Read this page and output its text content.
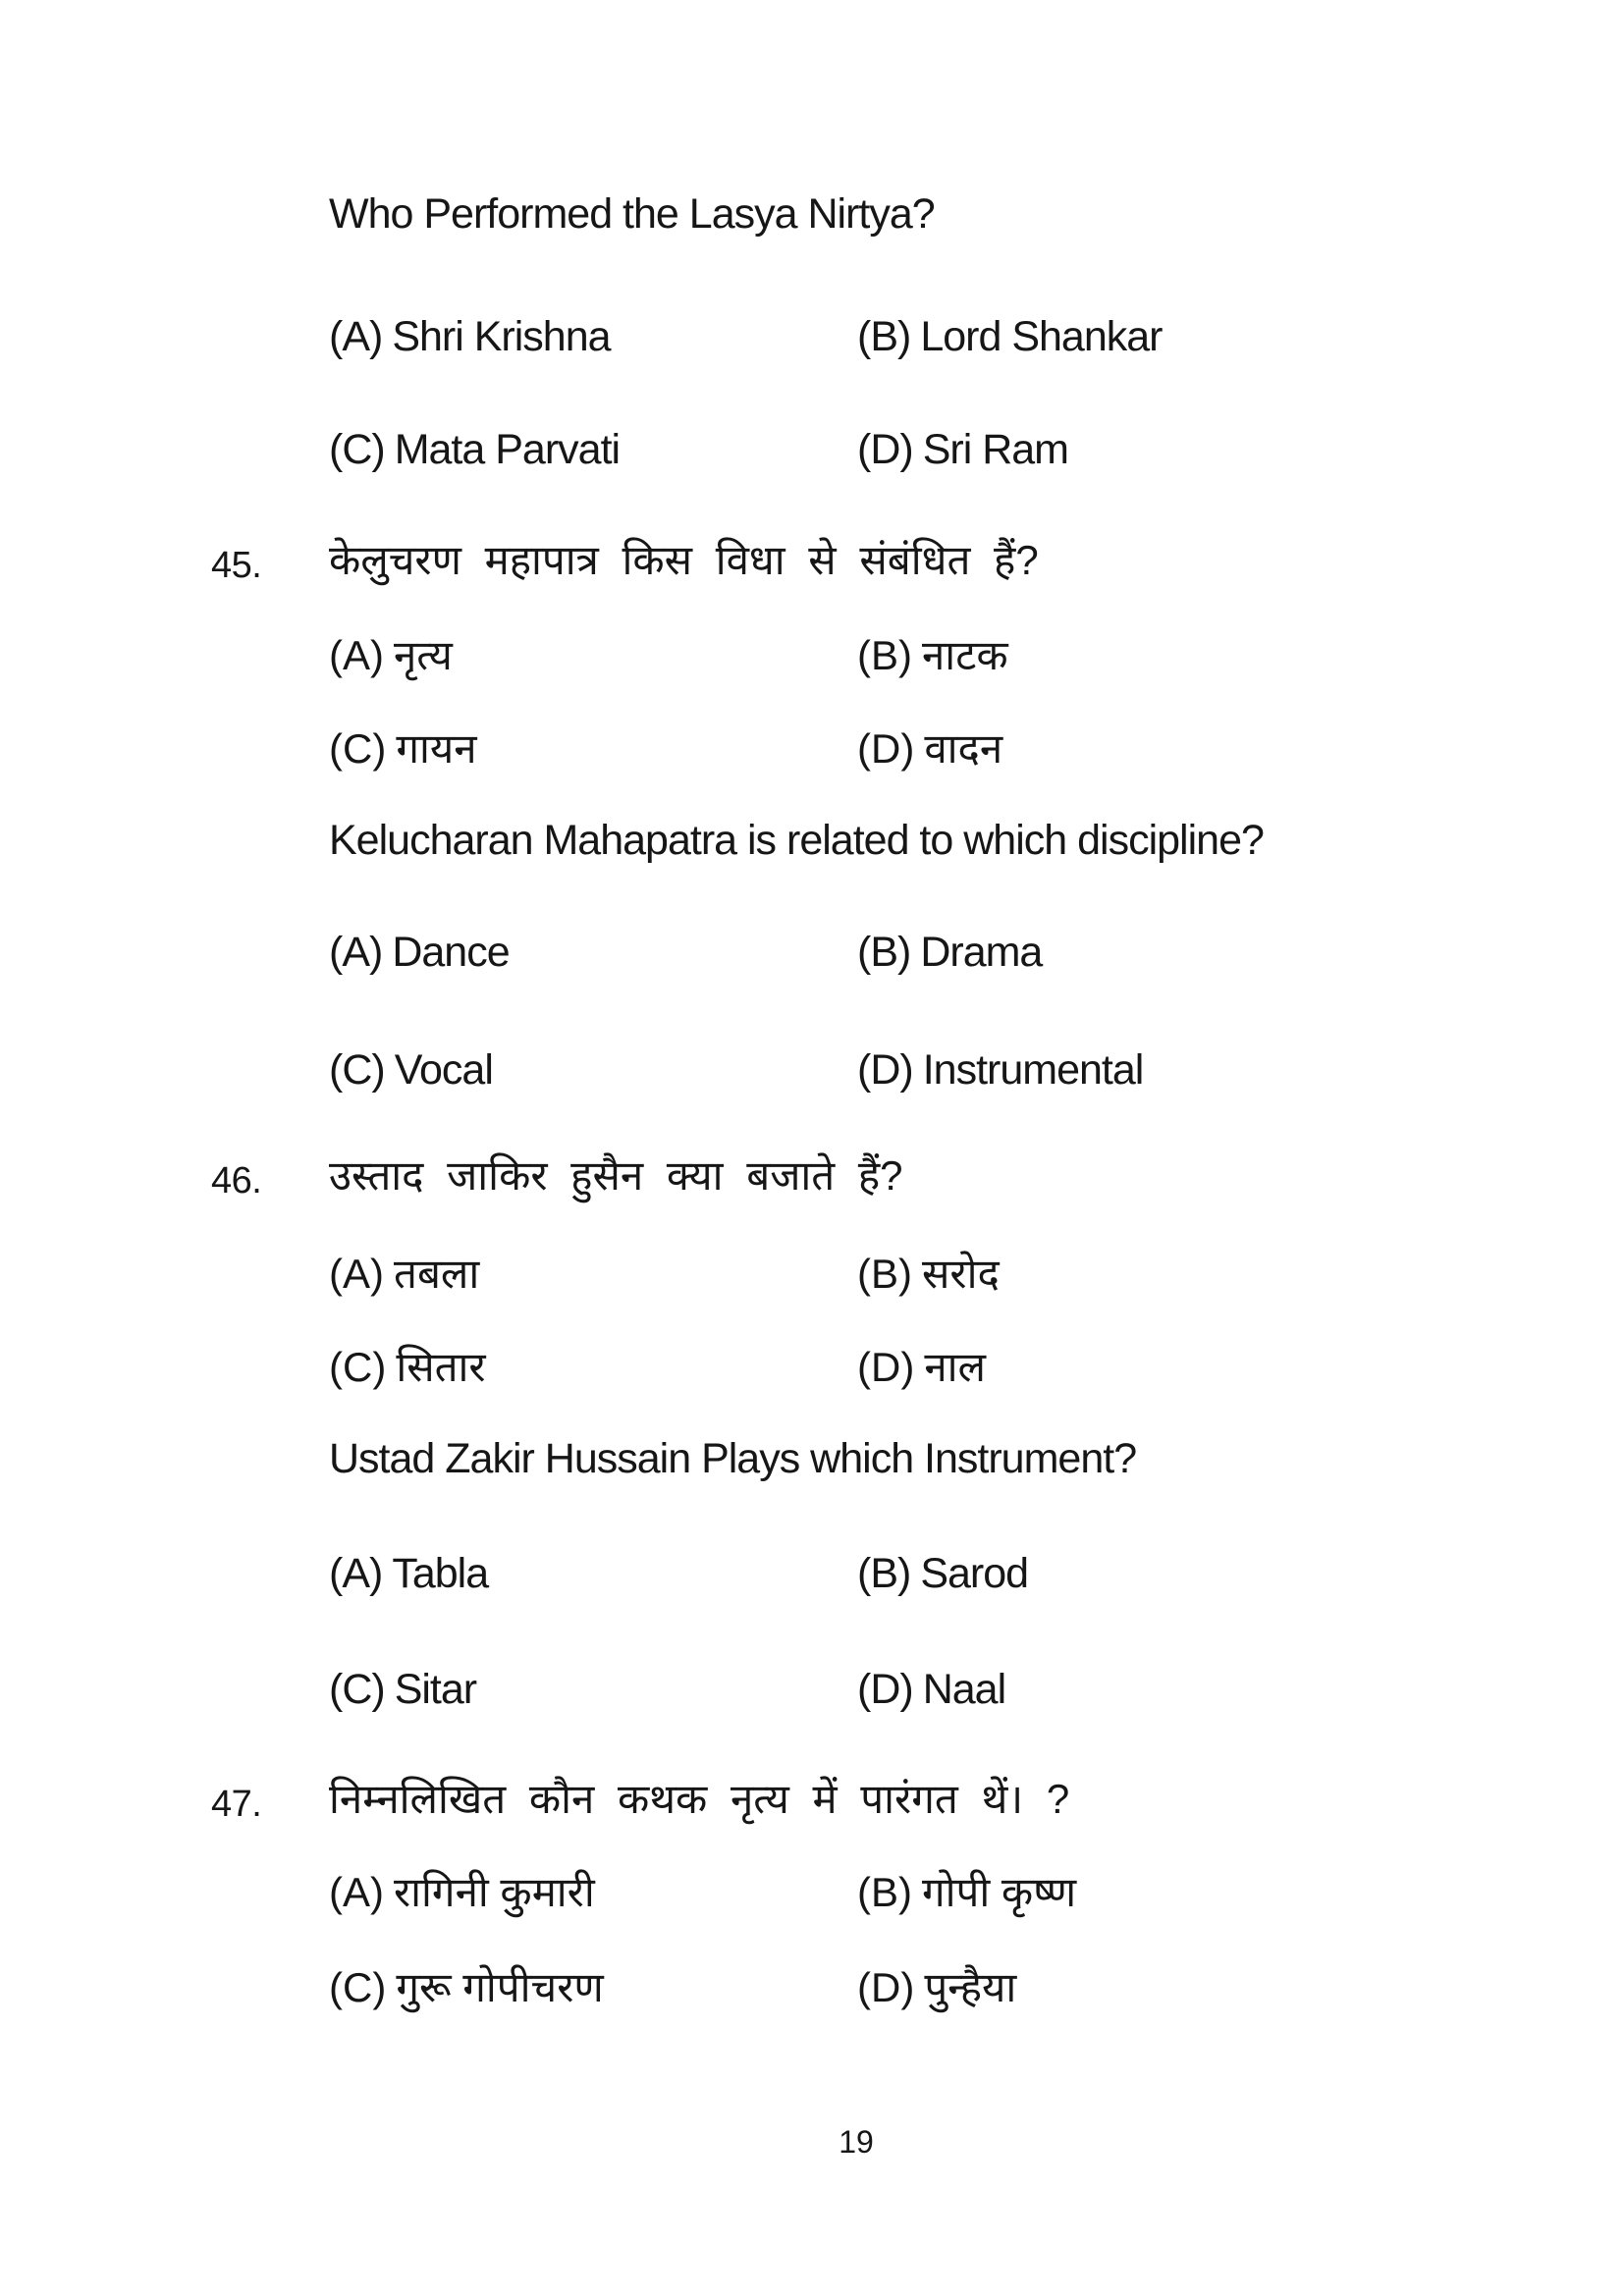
Who Performed the Lasya Nirtya?
(A) Shri Krishna	(B) Lord Shankar
(C) Mata Parvati	(D) Sri Ram
45. केलुचरण महापात्र किस विधा से संबंधित हैं?
(A) नृत्य	(B) नाटक
(C) गायन	(D) वादन
Kelucharan Mahapatra is related to which discipline?
(A) Dance	(B) Drama
(C) Vocal	(D) Instrumental
46. उस्ताद जाकिर हुसैन क्या बजाते हैं?
(A) तबला	(B) सरोद
(C) सितार	(D) नाल
Ustad Zakir Hussain Plays which Instrument?
(A) Tabla	(B) Sarod
(C) Sitar	(D) Naal
47. निम्नलिखित कौन कथक नृत्य में पारंगत थें। ?
(A) रागिनी कुमारी	(B) गोपी कृष्ण
(C) गुरू गोपीचरण	(D) पुन्हैया
19
